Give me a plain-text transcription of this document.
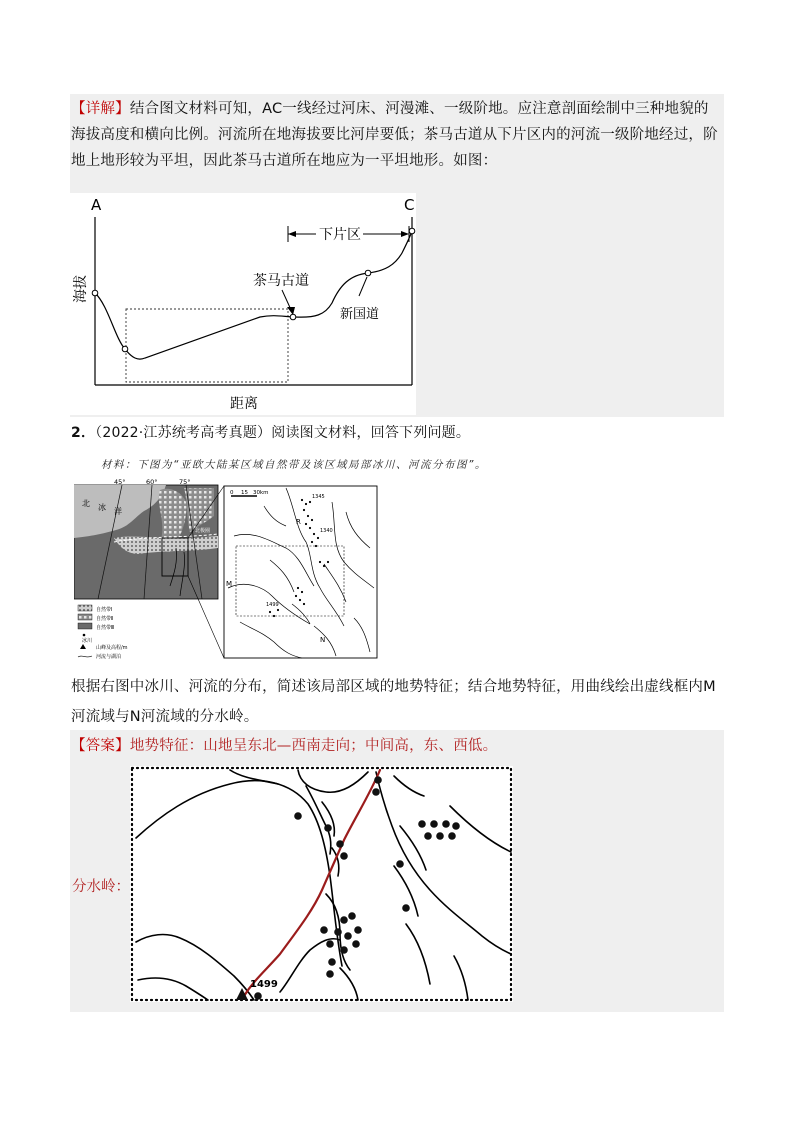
【详解】结合图文材料可知，AC一线经过河床、河漫滩、一级阶地。应注意剖面绘制中三种地貌的海拔高度和横向比例。河流所在地海拔要比河岸要低；茶马古道从下片区内的河流一级阶地经过，阶地上地形较为平坦，因此茶马古道所在地应为一平坦地形。如图：
A	C
下片区
茶马古道
新国道
海拔
距离
2．（2022·江苏统考高考真题）阅读图文材料，回答下列问题。
材料：下图为“亚欧大陆某区域自然带及该区域局部冰川、河流分布图”。
45°	60°	75°
北 冰 洋
北极圈
自然带Ⅰ
自然带Ⅱ
自然带Ⅲ
冰川
山峰及高程/m
河流与湖泊
0 15 30km
1345
1340
1499
R
M
N
根据右图中冰川、河流的分布，简述该局部区域的地势特征；结合地势特征，用曲线绘出虚线框内M河流域与N河流域的分水岭。
【答案】地势特征：山地呈东北—西南走向；中间高，东、西低。
分水岭：
1499
